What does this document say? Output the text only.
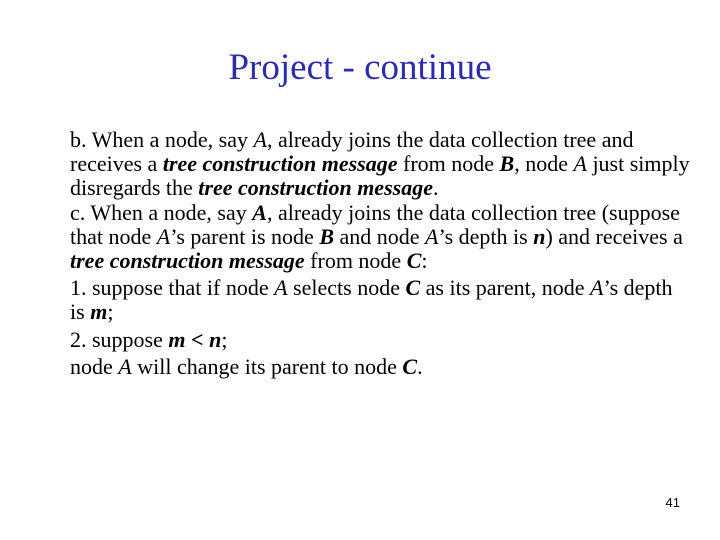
Project - continue

b. When a node, say A, already joins the data collection tree and receives a tree construction message from node B, node A just simply disregards the tree construction message.

c. When a node, say A, already joins the data collection tree (suppose that node A’s parent is node B and node A’s depth is n) and receives a tree construction message from node C:

1. suppose that if node A selects node C as its parent, node A’s depth is m;

2. suppose m < n;

node A will change its parent to node C.

41
